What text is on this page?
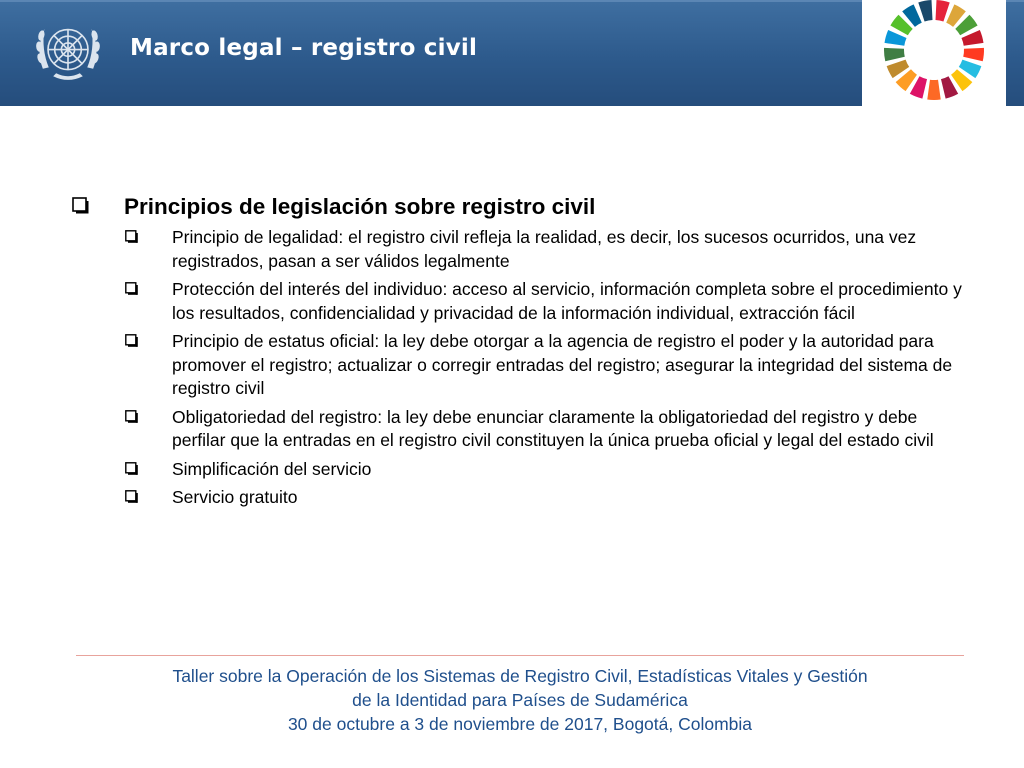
Marco legal – registro civil
Principios de legislación sobre registro civil
Principio de legalidad: el registro civil refleja la realidad, es decir, los sucesos ocurridos, una vez registrados, pasan a ser válidos legalmente
Protección del interés del individuo: acceso al servicio, información completa sobre el procedimiento y los resultados, confidencialidad y privacidad de la información individual, extracción fácil
Principio de estatus oficial: la ley debe otorgar a la agencia de registro el poder y la autoridad para promover el registro; actualizar o corregir entradas del registro; asegurar la integridad del sistema de registro civil
Obligatoriedad del registro: la ley debe enunciar claramente la obligatoriedad del registro y debe perfilar que la entradas en el registro civil constituyen la única prueba oficial y legal del estado civil
Simplificación del servicio
Servicio gratuito
Taller sobre la Operación de los Sistemas de Registro Civil, Estadísticas Vitales y Gestión
de la Identidad para Países de Sudamérica
30 de octubre a 3 de noviembre de 2017, Bogotá, Colombia
